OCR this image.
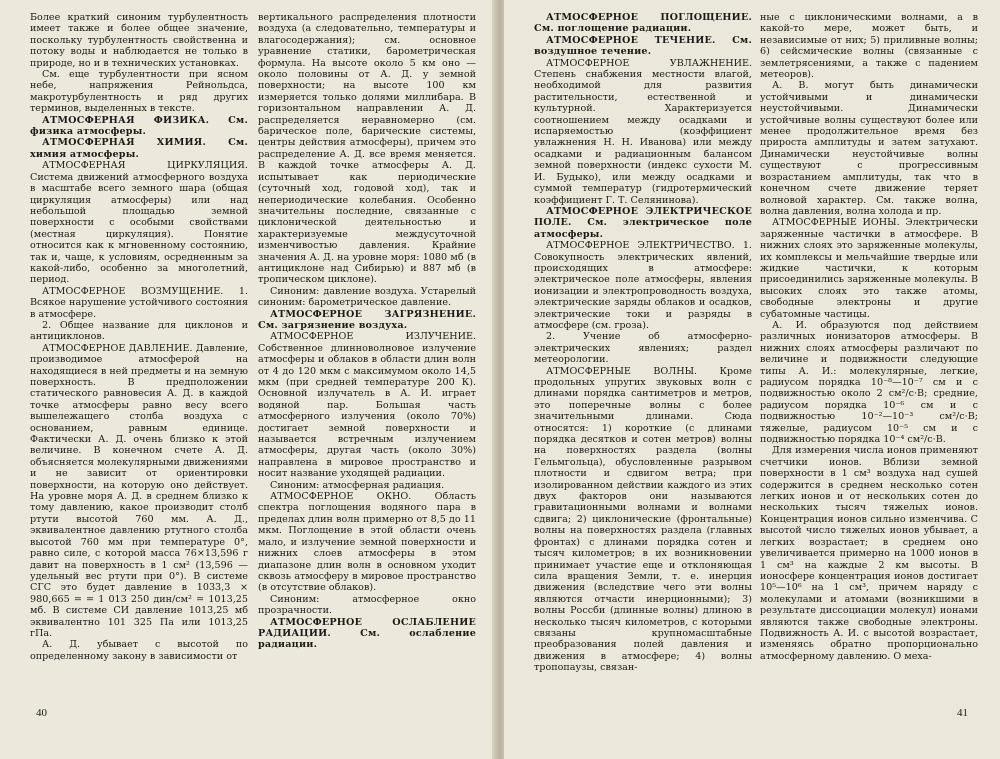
Более краткий синоним турбулентность имеет также и более общее значение, поскольку турбулентность свойственна и потоку воды и наблюдается не только в природе, но и в технических установках.

См. еще турбулентности при ясном небе, напряжения Рейнольдса, макротурбулентность и ряд других терминов, выделенных в тексте.

АТМОСФЕРНАЯ ФИЗИКА. См. физика атмосферы.

АТМОСФЕРНАЯ ХИМИЯ. См. химия атмосферы.

АТМОСФЕРНАЯ ЦИРКУЛЯЦИЯ. Система движений атмосферного воздуха в масштабе всего земного шара (общая циркуляция атмосферы) или над небольшой площадью земной поверхности с особыми свойствами (местная циркуляция). Понятие относится как к мгновенному состоянию, так и, чаще, к условиям, осредненным за какой-либо, особенно за многолетний, период.

АТМОСФЕРНОЕ ВОЗМУЩЕНИЕ. 1. Всякое нарушение устойчивого состояния в атмосфере.

2. Общее название для циклонов и антициклонов.

АТМОСФЕРНОЕ ДАВЛЕНИЕ. Давление, производимое атмосферой на находящиеся в ней предметы и на земную поверхность. В предположении статического равновесия А. Д. в каждой точке атмосферы равно весу всего вышележащего столба воздуха с основанием, равным единице. Фактически А. Д. очень близко к этой величине. В конечном счете А. Д. объясняется молекулярными движениями и не зависит от ориентировки поверхности, на которую оно действует. На уровне моря А. Д. в среднем близко к тому давлению, какое производит столб ртути высотой 760 мм. А. Д., эквивалентное давлению ртутного столба высотой 760 мм при температуре 0°, равно силе, с которой масса 76×13,596 г давит на поверхность в 1 см² (13,596 — удельный вес ртути при 0°). В системе СГС это будет давление в 1033,3 × 980,665 = = 1 013 250 дин/см² = 1013,25 мб. В системе СИ давление 1013,25 мб эквивалентно 101 325 Па или 1013,25 гПа.

А. Д. убывает с высотой по определенному закону в зависимости от

вертикального распределения плотности воздуха (а следовательно, температуры и влагосодержания); см. основное уравнение статики, барометрическая формула. На высоте около 5 км оно — около половины от А. Д. у земной поверхности; на высоте 100 км измеряется только долями миллибара. В горизонтальном направлении А. Д. распределяется неравномерно (см. барическое поле, барические системы, центры действия атмосферы), причем это распределение А. Д. все время меняется. В каждой точке атмосферы А. Д. испытывает как периодические (суточный ход, годовой ход), так и непериодические колебания. Особенно значительны последние, связанные с циклонической деятельностью и характеризуемые междусуточной изменчивостью давления. Крайние значения А. Д. на уровне моря: 1080 мб (в антициклоне над Сибирью) и 887 мб (в тропическом циклоне).

Синоним: давление воздуха. Устарелый синоним: барометрическое давление.

АТМОСФЕРНОЕ ЗАГРЯЗНЕНИЕ. См. загрязнение воздуха.

АТМОСФЕРНОЕ ИЗЛУЧЕНИЕ. Собственное длинноволновое излучение атмосферы и облаков в области длин волн от 4 до 120 мкм с максимумом около 14,5 мкм (при средней температуре 200 К). Основной излучатель в А. И. играет водяной пар. Большая часть атмосферного излучения (около 70%) достигает земной поверхности и называется встречным излучением атмосферы, другая часть (около 30%) направлена в мировое пространство и носит название уходящей радиации.

Синоним: атмосферная радиация.

АТМОСФЕРНОЕ ОКНО. Область спектра поглощения водяного пара в пределах длин волн примерно от 8,5 до 11 мкм. Поглощение в этой области очень мало, и излучение земной поверхности и нижних слоев атмосферы в этом диапазоне длин волн в основном уходит сквозь атмосферу в мировое пространство (в отсутствие облаков).

Синоним: атмосферное окно прозрачности.

АТМОСФЕРНОЕ ОСЛАБЛЕНИЕ РАДИАЦИИ. См. ослабление радиации.

40

АТМОСФЕРНОЕ ПОГЛОЩЕНИЕ. См. поглощение радиации.

АТМОСФЕРНОЕ ТЕЧЕНИЕ. См. воздушное течение.

АТМОСФЕРНОЕ УВЛАЖНЕНИЕ. Степень снабжения местности влагой, необходимой для развития растительности, естественной и культурной. Характеризуется соотношением между осадками и испаряемостью (коэффициент увлажнения Н. Н. Иванова) или между осадками и радиационным балансом земной поверхности (индекс сухости М. И. Будыко), или между осадками и суммой температур (гидротермический коэффициент Г. Т. Селянинова).

АТМОСФЕРНОЕ ЭЛЕКТРИЧЕСКОЕ ПОЛЕ. См. электрическое поле атмосферы.

АТМОСФЕРНОЕ ЭЛЕКТРИЧЕСТВО. 1. Совокупность электрических явлений, происходящих в атмосфере: электрическое поле атмосферы, явления ионизации и электропроводность воздуха, электрические заряды облаков и осадков, электрические токи и разряды в атмосфере (см. гроза).

2. Учение об атмосферно-электрических явлениях; раздел метеорологии.

АТМОСФЕРНЫЕ ВОЛНЫ. Кроме продольных упругих звуковых волн с длинами порядка сантиметров и метров, это поперечные волны с более значительными длинами. Сюда относятся: 1) короткие (с длинами порядка десятков и сотен метров) волны на поверхностях раздела (волны Гельмгольца), обусловленные разрывом плотности и сдвигом ветра; при изолированном действии каждого из этих двух факторов они называются гравитационными волнами и волнами сдвига; 2) циклонические (фронтальные) волны на поверхностях раздела (главных фронтах) с длинами порядка сотен и тысяч километров; в их возникновении принимает участие еще и отклоняющая сила вращения Земли, т. е. инерция движения (вследствие чего эти волны являются отчасти инерционными); 3) волны Россби (длинные волны) длиною в несколько тысяч километров, с которыми связаны крупномасштабные преобразования полей давления и движения в атмосфере; 4) волны тропопаузы, связан-

ные с циклоническими волнами, а в какой-то мере, может быть, и независимые от них; 5) приливные волны; 6) сейсмические волны (связанные с землетрясениями, а также с падением метеоров).

А. В. могут быть динамически устойчивыми и динамически неустойчивыми. Динамически устойчивые волны существуют более или менее продолжительное время без прироста амплитуды и затем затухают. Динамически неустойчивые волны существуют с прогрессивным возрастанием амплитуды, так что в конечном счете движение теряет волновой характер. См. также волна, волна давления, волна холода и пр.

АТМОСФЕРНЫЕ ИОНЫ. Электрически заряженные частички в атмосфере. В нижних слоях это заряженные молекулы, их комплексы и мельчайшие твердые или жидкие частички, к которым присоединились заряженные молекулы. В высоких слоях это также атомы, свободные электроны и другие субатомные частицы.

А. И. образуются под действием различных ионизаторов атмосферы. В нижних слоях атмосферы различают по величине и подвижности следующие типы А. И.: молекулярные, легкие, радиусом порядка 10⁻⁸—10⁻⁷ см и с подвижностью около 2 см²/с·В; средние, радиусом порядка 10⁻⁶ см и с подвижностью 10⁻²—10⁻³ см²/с·В; тяжелые, радиусом 10⁻⁵ см и с подвижностью порядка 10⁻⁴ см²/с·В.

Для измерения числа ионов применяют счетчики ионов. Вблизи земной поверхности в 1 см³ воздуха над сушей содержится в среднем несколько сотен легких ионов и от нескольких сотен до нескольких тысяч тяжелых ионов. Концентрация ионов сильно изменчива. С высотой число тяжелых ионов убывает, а легких возрастает; в среднем оно увеличивается примерно на 1000 ионов в 1 см³ на каждые 2 км высоты. В ионосфере концентрация ионов достигает 10⁵—10⁶ на 1 см³, причем наряду с молекулами и атомами (возникшими в результате диссоциации молекул) ионами являются также свободные электроны. Подвижность А. И. с высотой возрастает, изменяясь обратно пропорционально атмосферному давлению. О меха-

41
